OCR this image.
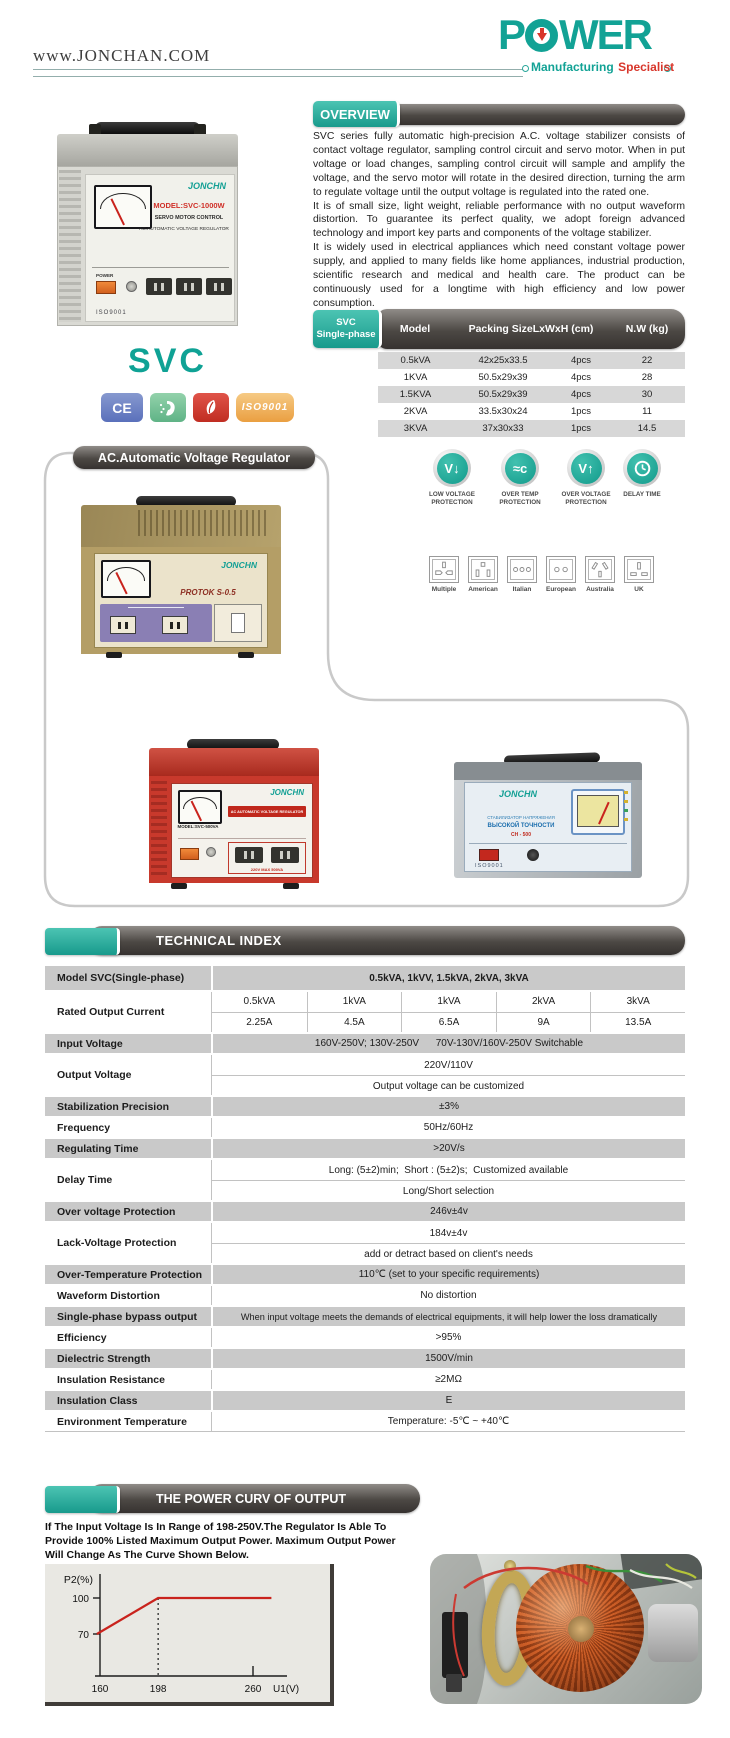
www.JONCHAN.COM	P WER
Manufacturing Specialist
OVERVIEW

SVC series fully automatic high-precision A.C. voltage stabilizer consists of contact voltage regulator, sampling control circuit and servo motor. When in put voltage or load changes, sampling control circuit will sample and amplify the voltage, and the servo motor will rotate in the desired direction, turning the arm to regulate voltage until the output voltage is regulated into the rated one.

It is of small size, light weight, reliable performance with no output waveform distortion. To guarantee its perfect quality, we adopt foreign advanced technology and import key parts and components of the voltage stabilizer.

It is widely used in electrical appliances which need constant voltage power supply, and applied to many fields like home appliances, industrial production, scientific research and medical and health care. The product can be continuously used for a longtime with high efficiency and low power consumption.

JONCHN
MODEL:SVC-1000W
SERVO MOTOR CONTROL
AC.AUTOMATIC VOLTAGE REGULATOR
POWER
ISO9001
SVC
CE	ISO9001
Model	Packing SizeLxWxH (cm)	N.W (kg)
SVC
Single-phase
0.5kVA	42x25x33.5	4pcs	22
1KVA	50.5x29x39	4pcs	28
1.5KVA	50.5x29x39	4pcs	30
2KVA	33.5x30x24	1pcs	11
3KVA	37x30x33	1pcs	14.5
V↓
LOW VOLTAGE
PROTECTION
≈c
OVER TEMP
PROTECTION
V↑
OVER VOLTAGE
PROTECTION
DELAY TIME
Multiple American Italian European Australia	UK
AC.Automatic Voltage Regulator
JONCHN
PROTOK S-0.5
JONCHN
AC AUTOMATIC VOLTAGE REGULATOR
MODEL:SVC-500VA
220V MAX 500VA
JONCHN
СТАБИЛИЗАТОР НАПРЯЖЕНИЯ
ВЫСОКОЙ ТОЧНОСТИ
СН - 500
ISO9001
TECHNICAL INDEX
Model SVC(Single-phase)	0.5kVA, 1kVV, 1.5kVA, 2kVA, 3kVA
Rated Output Current
0.5kVA	1kVA	1kVA	2kVA	3kVA
2.25A	4.5A	6.5A	9A	13.5A
Input Voltage	160V-250V; 130V-250V      70V-130V/160V-250V Switchable
Output Voltage
220V/110V
Output voltage can be customized
Stabilization Precision	±3%
Frequency	50Hz/60Hz
Regulating Time	>20V/s
Delay Time
Long: (5±2)min;  Short : (5±2)s;  Customized available
Long/Short selection
Over voltage Protection	246v±4v
Lack-Voltage Protection
184v±4v
add or detract based on client's needs
Over-Temperature Protection	110℃ (set to your specific requirements)
Waveform Distortion	No distortion
Single-phase bypass output	When input voltage meets the demands of electrical equipments, it will help lower the loss dramatically
Efficiency	>95%
Dielectric Strength	1500V/min
Insulation Resistance	≥2MΩ
Insulation Class	E
Environment Temperature	Temperature: -5℃ ~ +40℃
THE POWER CURV OF OUTPUT
If The Input Voltage Is In Range of 198-250V.The Regulator Is Able To Provide 100% Listed Maximum Output Power. Maximum Output Power Will Change As The Curve Shown Below.
P2(%)
100
70
160	198	260 U1(V)
